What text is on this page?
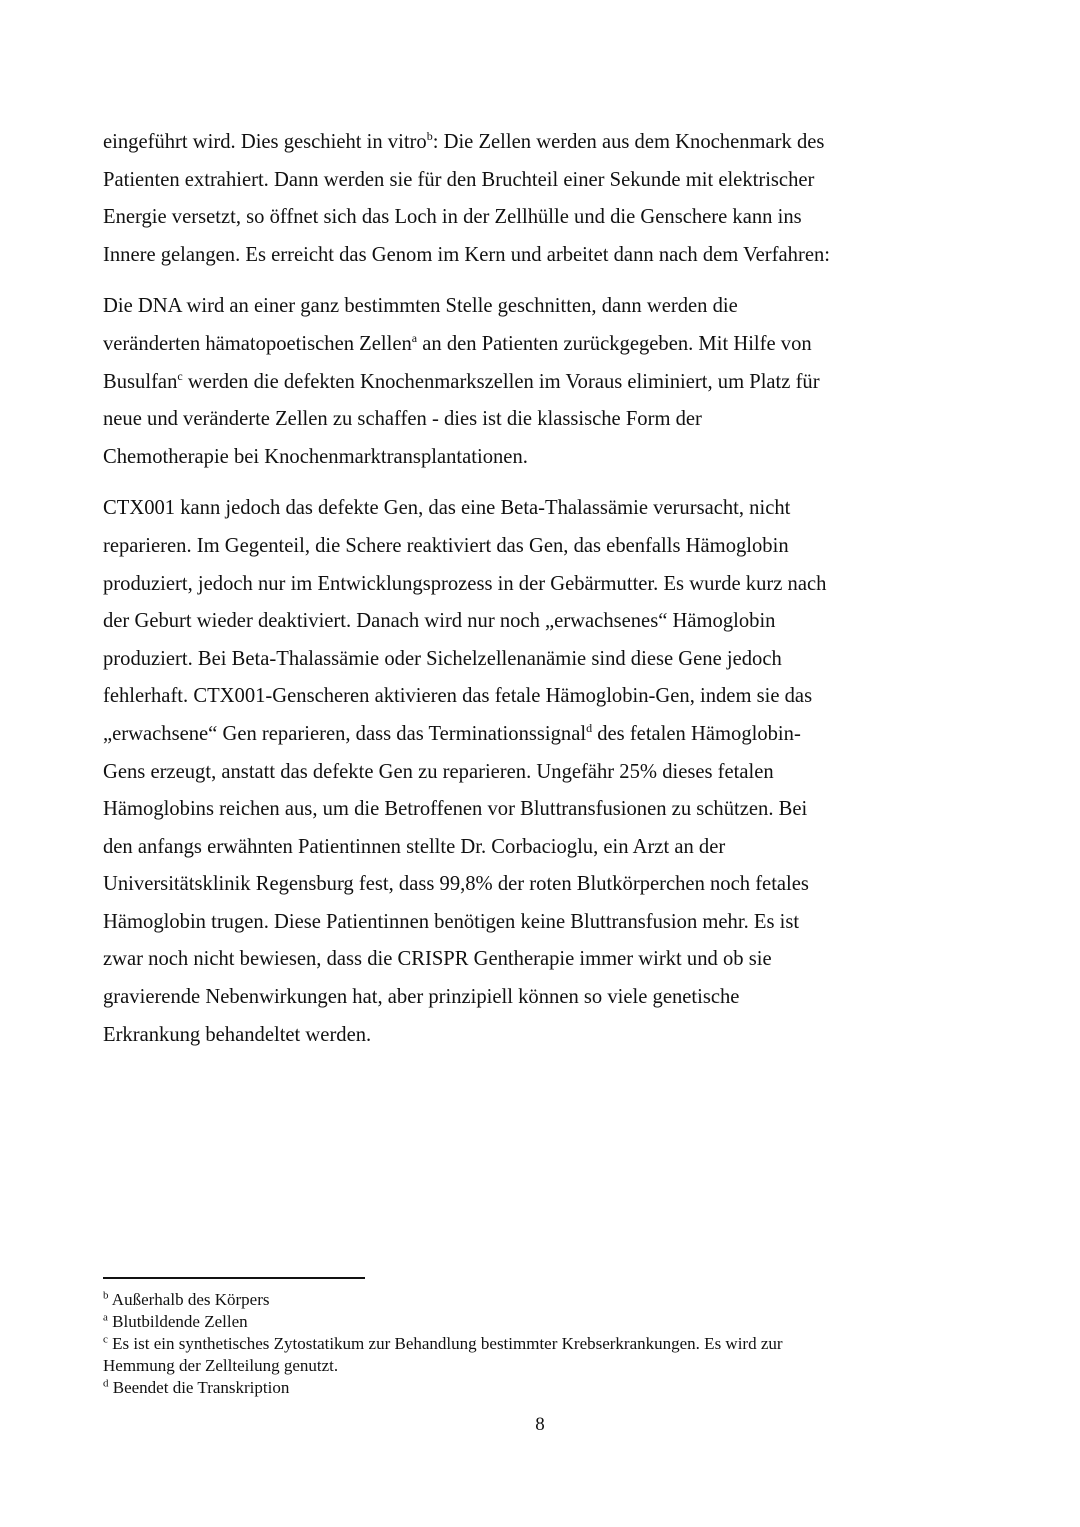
eingeführt wird. Dies geschieht in vitro$^b$: Die Zellen werden aus dem Knochenmark des
Patienten extrahiert. Dann werden sie für den Bruchteil einer Sekunde mit elektrischer
Energie versetzt, so öffnet sich das Loch in der Zellhülle und die Genschere kann ins
Innere gelangen. Es erreicht das Genom im Kern und arbeitet dann nach dem Verfahren:

Die DNA wird an einer ganz bestimmten Stelle geschnitten, dann werden die
veränderten hämatopoetischen Zellen$^a$ an den Patienten zurückgegeben. Mit Hilfe von
Busulfan$^c$ werden die defekten Knochenmarkszellen im Voraus eliminiert, um Platz für
neue und veränderte Zellen zu schaffen - dies ist die klassische Form der
Chemotherapie bei Knochenmarktransplantationen.

CTX001 kann jedoch das defekte Gen, das eine Beta-Thalassämie verursacht, nicht
reparieren. Im Gegenteil, die Schere reaktiviert das Gen, das ebenfalls Hämoglobin
produziert, jedoch nur im Entwicklungsprozess in der Gebärmutter. Es wurde kurz nach
der Geburt wieder deaktiviert. Danach wird nur noch „erwachsenes“ Hämoglobin
produziert. Bei Beta-Thalassämie oder Sichelzellenanämie sind diese Gene jedoch
fehlerhaft. CTX001-Genscheren aktivieren das fetale Hämoglobin-Gen, indem sie das
„erwachsene“ Gen reparieren, dass das Terminationssignal$^d$ des fetalen Hämoglobin-
Gens erzeugt, anstatt das defekte Gen zu reparieren. Ungefähr 25% dieses fetalen
Hämoglobins reichen aus, um die Betroffenen vor Bluttransfusionen zu schützen. Bei
den anfangs erwähnten Patientinnen stellte Dr. Corbacioglu, ein Arzt an der
Universitätsklinik Regensburg fest, dass 99,8% der roten Blutkörperchen noch fetales
Hämoglobin trugen. Diese Patientinnen benötigen keine Bluttransfusion mehr. Es ist
zwar noch nicht bewiesen, dass die CRISPR Gentherapie immer wirkt und ob sie
gravierende Nebenwirkungen hat, aber prinzipiell können so viele genetische
Erkrankung behandeltet werden.

$^b$ Außerhalb des Körpers
$^a$ Blutbildende Zellen
$^c$ Es ist ein synthetisches Zytostatikum zur Behandlung bestimmter Krebserkrankungen. Es wird zur
Hemmung der Zellteilung genutzt.
$^d$ Beendet die Transkription
8
